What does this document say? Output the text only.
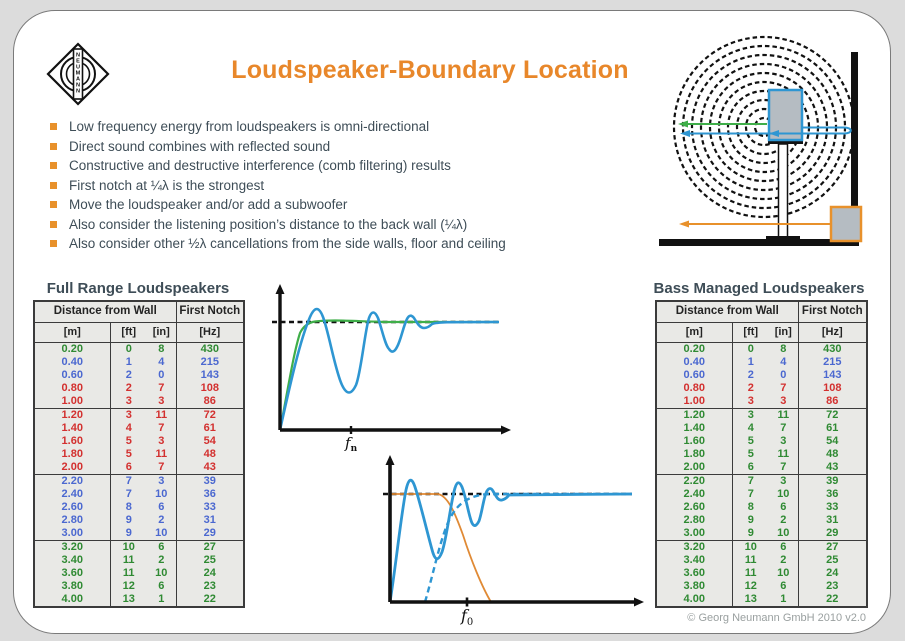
N
E
U
M
A
N
N
Loudspeaker-Boundary Location
Low frequency energy from loudspeakers is omni-directional
Direct sound combines with reflected sound
Constructive and destructive interference (comb filtering) results
First notch at ¼λ is the strongest
Move the loudspeaker and/or add a subwoofer
Also consider the listening position’s distance to the back wall (¼λ)
Also consider other ½λ cancellations from the side walls, floor and ceiling
Full Range Loudspeakers	Bass Managed Loudspeakers
Distance from Wall			First Notch
[m]	[ft]	[in]	[Hz]
0.20	0	8	430
0.40	1	4	215
0.60	2	0	143
0.80	2	7	108
1.00	3	3	86
1.20	3	11	72
1.40	4	7	61
1.60	5	3	54
1.80	5	11	48
2.00	6	7	43
2.20	7	3	39
2.40	7	10	36
2.60	8	6	33
2.80	9	2	31
3.00	9	10	29
3.20	10	6	27
3.40	11	2	25
3.60	11	10	24
3.80	12	6	23
4.00	13	1	22
Distance from Wall			First Notch
[m]	[ft]	[in]	[Hz]
0.20	0	8	430
0.40	1	4	215
0.60	2	0	143
0.80	2	7	108
1.00	3	3	86
1.20	3	11	72
1.40	4	7	61
1.60	5	3	54
1.80	5	11	48
2.00	6	7	43
2.20	7	3	39
2.40	7	10	36
2.60	8	6	33
2.80	9	2	31
3.00	9	10	29
3.20	10	6	27
3.40	11	2	25
3.60	11	10	24
3.80	12	6	23
4.00	13	1	22
$f_n$
$f_0$	© Georg Neumann GmbH 2010 v2.0
